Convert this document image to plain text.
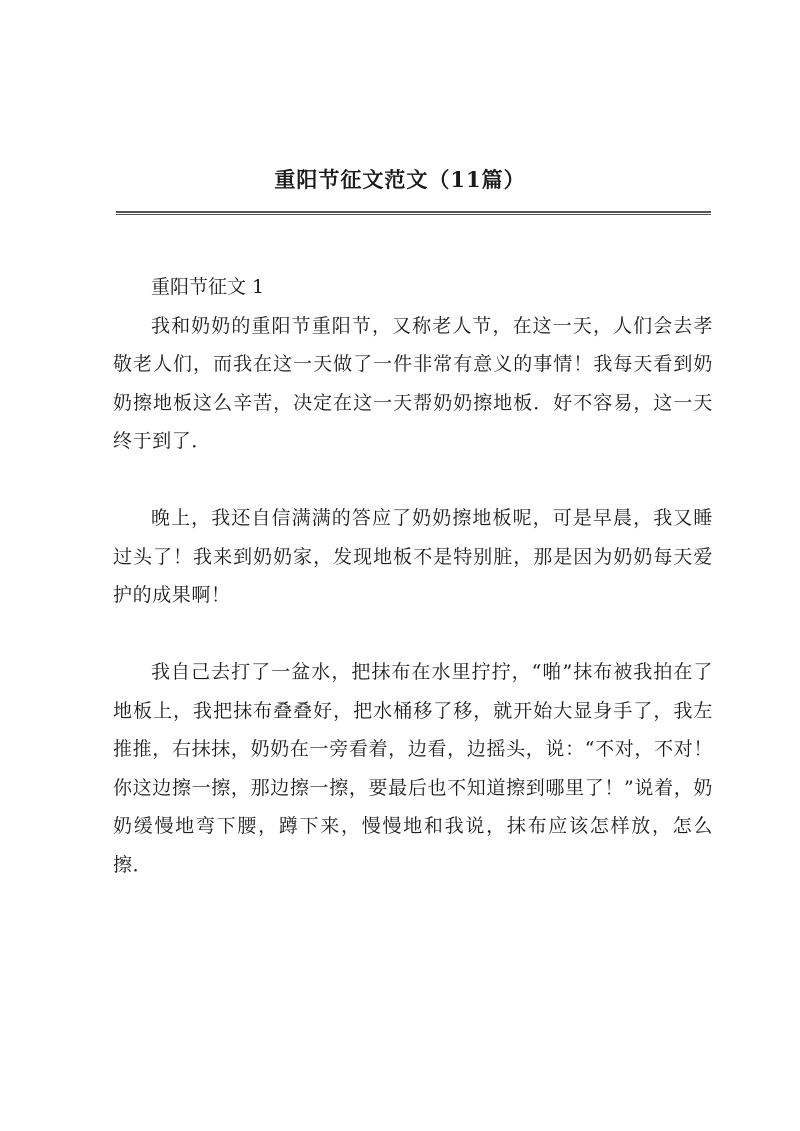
重阳节征文范文（11篇）
重阳节征文 1

我和奶奶的重阳节重阳节，又称老人节，在这一天，人们会去孝敬老人们，而我在这一天做了一件非常有意义的事情！我每天看到奶奶擦地板这么辛苦，决定在这一天帮奶奶擦地板．好不容易，这一天终于到了．

晚上，我还自信满满的答应了奶奶擦地板呢，可是早晨，我又睡过头了！我来到奶奶家，发现地板不是特别脏，那是因为奶奶每天爱护的成果啊！

我自己去打了一盆水，把抹布在水里拧拧，“啪”抹布被我拍在了地板上，我把抹布叠叠好，把水桶移了移，就开始大显身手了，我左推推，右抹抹，奶奶在一旁看着，边看，边摇头，说：“不对，不对！你这边擦一擦，那边擦一擦，要最后也不知道擦到哪里了！”说着，奶奶缓慢地弯下腰，蹲下来，慢慢地和我说，抹布应该怎样放，怎么擦．
